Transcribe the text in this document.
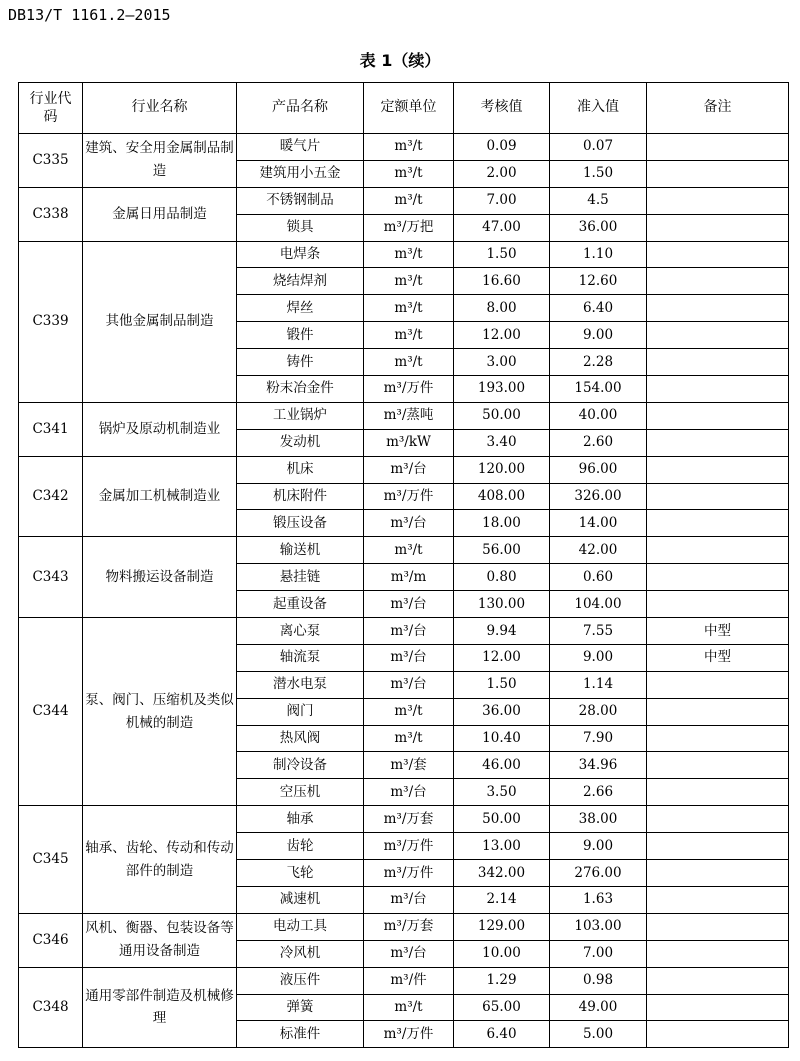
DB13/T 1161.2—2015
表 1（续）
行业代码	行业名称	产品名称	定额单位	考核值	准入值	备注
C335	建筑、安全用金属制品制造	暖气片	m³/t	0.09	0.07	
		建筑用小五金	m³/t	2.00	1.50	
C338	金属日用品制造	不锈钢制品	m³/t	7.00	4.5	
		锁具	m³/万把	47.00	36.00	
C339	其他金属制品制造	电焊条	m³/t	1.50	1.10	
		烧结焊剂	m³/t	16.60	12.60	
		焊丝	m³/t	8.00	6.40	
		锻件	m³/t	12.00	9.00	
		铸件	m³/t	3.00	2.28	
		粉末冶金件	m³/万件	193.00	154.00	
C341	锅炉及原动机制造业	工业锅炉	m³/蒸吨	50.00	40.00	
		发动机	m³/kW	3.40	2.60	
C342	金属加工机械制造业	机床	m³/台	120.00	96.00	
		机床附件	m³/万件	408.00	326.00	
		锻压设备	m³/台	18.00	14.00	
C343	物料搬运设备制造	输送机	m³/t	56.00	42.00	
		悬挂链	m³/m	0.80	0.60	
		起重设备	m³/台	130.00	104.00	
C344	泵、阀门、压缩机及类似机械的制造	离心泵	m³/台	9.94	7.55	中型
		轴流泵	m³/台	12.00	9.00	中型
		潜水电泵	m³/台	1.50	1.14	
		阀门	m³/t	36.00	28.00	
		热风阀	m³/t	10.40	7.90	
		制冷设备	m³/套	46.00	34.96	
		空压机	m³/台	3.50	2.66	
C345	轴承、齿轮、传动和传动部件的制造	轴承	m³/万套	50.00	38.00	
		齿轮	m³/万件	13.00	9.00	
		飞轮	m³/万件	342.00	276.00	
		减速机	m³/台	2.14	1.63	
C346	风机、衡器、包装设备等通用设备制造	电动工具	m³/万套	129.00	103.00	
		冷风机	m³/台	10.00	7.00	
C348	通用零部件制造及机械修理	液压件	m³/件	1.29	0.98	
		弹簧	m³/t	65.00	49.00	
		标准件	m³/万件	6.40	5.00	
